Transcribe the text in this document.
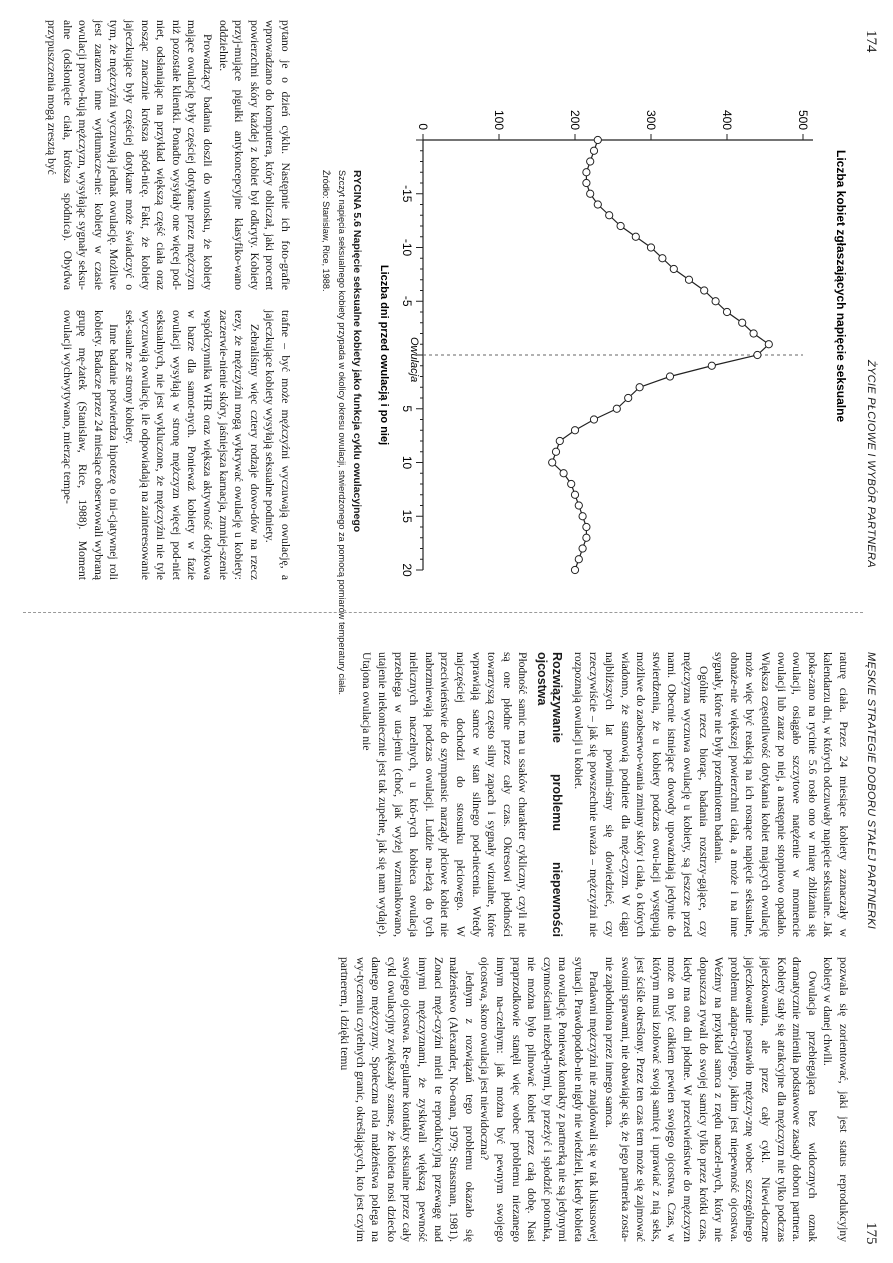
174
ŻYCIE PŁCIOWE I WYBÓR PARTNERA
0	100	200	300	400	500
-15
-10
-5
5
10
15
20
Liczba kobiet zgłaszających napięcie seksualne
Liczba dni przed owulacją i po niej Owulacja
RYCINA 5.6 Napięcie seksualne kobiety jako funkcja cyklu owulacyjnego
Szczyt napięcia seksualnego kobiety przypada w okolicy okresu owulacji, stwierdzonego za pomocą pomiarów temperatury ciała.
Źródło: Stanislaw, Rice, 1988.

pytano je o dzień cyklu. Następnie ich foto-grafie wprowadzano do komputera, który obliczał, jaki procent powierzchni skóry każdej z kobiet był odkryty. Kobiety przyj-mujące pigułki antykoncepcyjne klasyfiko-wano oddzielnie.

Prowadzący badania doszli do wniosku, że kobiety mające owulację były częściej dotykane przez mężczyzn niż pozostałe klientki. Ponadto wysyłały one więcej pod-niet, odsłaniając na przykład większą część ciała oraz nosząc znacznie krótsza spód-nicę. Fakt, że kobiety jajeczkujące były częściej dotykane może świadczyć o tym, że mężczyźni wyczuwają jednak owulację. Możliwe jest zarazem inne wytłumacze-nie: kobiety w czasie owulacji prowo-kują mężczyzn, wysyłając sygnały seksu-alne (odsłonięcie ciała, krótsza spódnica). Obydwa przypuszczenia mogą zresztą być

trafne – być może mężczyźni wyczuwają owulację, a jajeczkujące kobiety wysyłają seksualne podniety.

Zebraliśmy więc cztery rodzaje dowo-dów na rzecz tezy, że mężczyźni mogą wykrywać owulację u kobiety: zaczerwie-nienie skóry, jaśniejsza karnacja, zmniej-szenie współczynnika WHR oraz większa aktywność dotykowa w barze dla samot-nych. Ponieważ kobiety w fazie owulacji wysyłają w stronę mężczyzn więcej pod-niet seksualnych, nie jest wykluczone, że mężczyźni nie tyle wyczuwają owulację, ile odpowiadają na zainteresowanie sek-sualne ze strony kobiety.

Inne badanie potwierdza hipotezę o ini-cjatywnej roli kobiety. Badacze przez 24 miesiące obserwowali wybraną grupę mę-żatek (Stanislaw, Rice, 1988). Moment owulacji wychwytywano, mierząc tempe-

MĘSKIE STRATEGIE DOBORU STAŁEJ PARTNERKI
175

raturę ciała. Przez 24 miesiące kobiety zaznaczały w kalendarzu dni, w których odczuwały napięcie seksualne. Jak poka-zano na rycinie 5.6 rosło ono w miarę zbliżania się owulacji, osiągało szczytowe natężenie w momencie owulacji lub zaraz po niej, a następnie stopniowo opadało. Większa częstotliwość dotykania kobiet mających owulację może więc być reakcją na ich rosnące napięcie seksualne, obnaże-nie większej powierzchni ciała, a może i na inne sygnały, które nie były przedmiotem badania.

Ogólnie rzecz biorąc, badania rozstrzy-gające, czy mężczyzna wyczuwa owulację u kobiety, są jeszcze przed nami. Obecnie istniejące dowody upoważniają jedynie do stwierdzenia, że u kobiety podczas owu-lacji występują możliwe do zaobserwo-wania zmiany skóry i ciała, o których wiadomo, że stanowią podniete dla męż-czyzn. W ciągu najbliższych lat powinni-śmy się dowiedzieć, czy rzeczywiście – jak się powszechnie uważa – mężczyźni nie rozpoznają owulacji u kobiet.

Rozwiązywanie problemu niepewności ojcostwa

Płodność samic ma u ssaków charakter cykliczny, czyli nie są one płodne przez cały czas. Okresowi płodności towarzyszą często silny zapach i sygnały wizualne, które wprawiają samce w stan silnego pod-niecenia. Wtedy najczęściej dochodzi do stosunku płciowego. W przeciwieństwie do szympansic narządy płciowe kobiet nie nabrzmiewają podczas owulacji. Ludzie na-leżą do tych nielicznych naczelnych, u któ-rych kobieca owulacja przebiega w uta-jeniu (choć, jak wyżej wzmiankowano, utajenie niekoniecznie jest tak zupełne, jak się nam wydaje). Utajona owulacja nie

pozwala się zorientować, jaki jest status reprodukcyjny kobiety w danej chwili.

Owulacja przebiegająca bez widocznych oznak dramatycznie zmieniła podstawowe zasady doboru partnera. Kobiety stały się atrakcyjne dla mężczyzn nie tylko podczas jajeczkowania, ale przez cały cykl. Niewi-doczne jajeczkowanie postawiło mężczy-znę wobec szczególnego problemu adapta-cyjnego, jakim jest niepewność ojcostwa. Weźmy na przykład samca z rzędu naczel-nych, który nie dopuszcza rywali do swojej samicy tylko przez krótki czas, kiedy ma ona dni płodne. W przeciwieństwie do mężczyzn może on być całkiem pewien swojego ojcostwa. Czas, w którym musi izolować swoją samicę i uprawiać z nią seks, jest ściśle określony. Przez ten czas tem może się zajmować swoimi sprawami, nie obawiając się, że jego partnerka zosta-nie zapłodniona przez innego samca.

Pradawni mężczyźni nie znajdowali się w tak luksusowej sytuacji. Prawdopodob-nie nigdy nie wiedzieli, kiedy kobieta ma owulację. Ponieważ kontakty z partnerką nie są jedynymi czynnościami niezbęd-nymi, by przeżyć i spłodzić potomka, nie można było pilnować kobiet przez całą dobę. Nasi praprzodkowie stanęli więc wobec problemu niezanego innym na-czelnym: jak można być pewnym swojego ojcostwa, skoro owulacja jest niewidoczna?

Jednym z rozwiązań tego problemu okazało się małżeństwo (Alexander, No-onan, 1979; Strassman, 1981). Zonaci męż-czyźni mieli te reprodukcyjną przewagę nad innymi mężczyznami, że zyskiwali większą pewność swojego ojcostwa. Re-gularne kontakty seksualne przez cały cykl owulacyjny zwiększały szanse, że kobieta nosi dziecko danego mężczyzny. Społeczna rola małżeństwa polega na wy-tyczeniu czytelnych granic, określających, kto jest czyim partnerem, i dzięki temu
